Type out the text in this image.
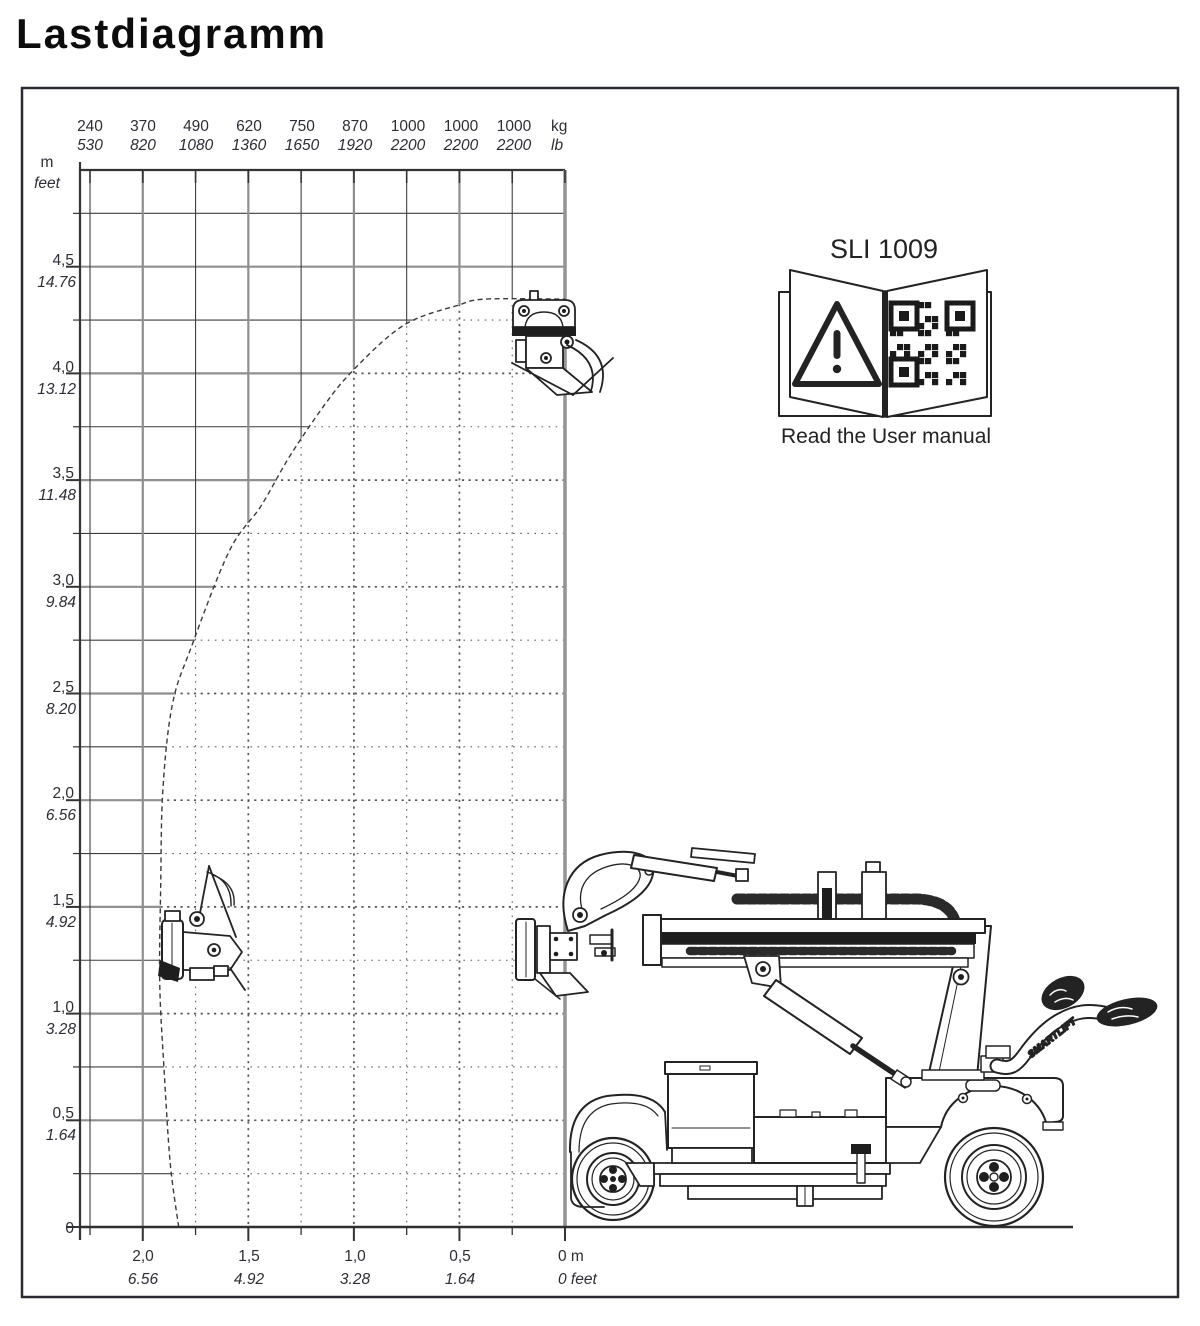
Lastdiagramm
240 370 490 620 750 870 1000 1000 1000 kg
530 820 1080 1360 1650 1920 2200 2200 2200 lb
m
feet
4,5
14.76
4,0
13.12
3,5
11.48
3,0
9.84
2,5
8.20
2,0
6.56
1,5
4.92
1,0
3.28
0,5
1.64
0
2,0	1,5	1,0	0,5	0 m
6.56	4.92	3.28	1.64	0 feet
SLI 1009
Read the User manual
SMARTLIFT
